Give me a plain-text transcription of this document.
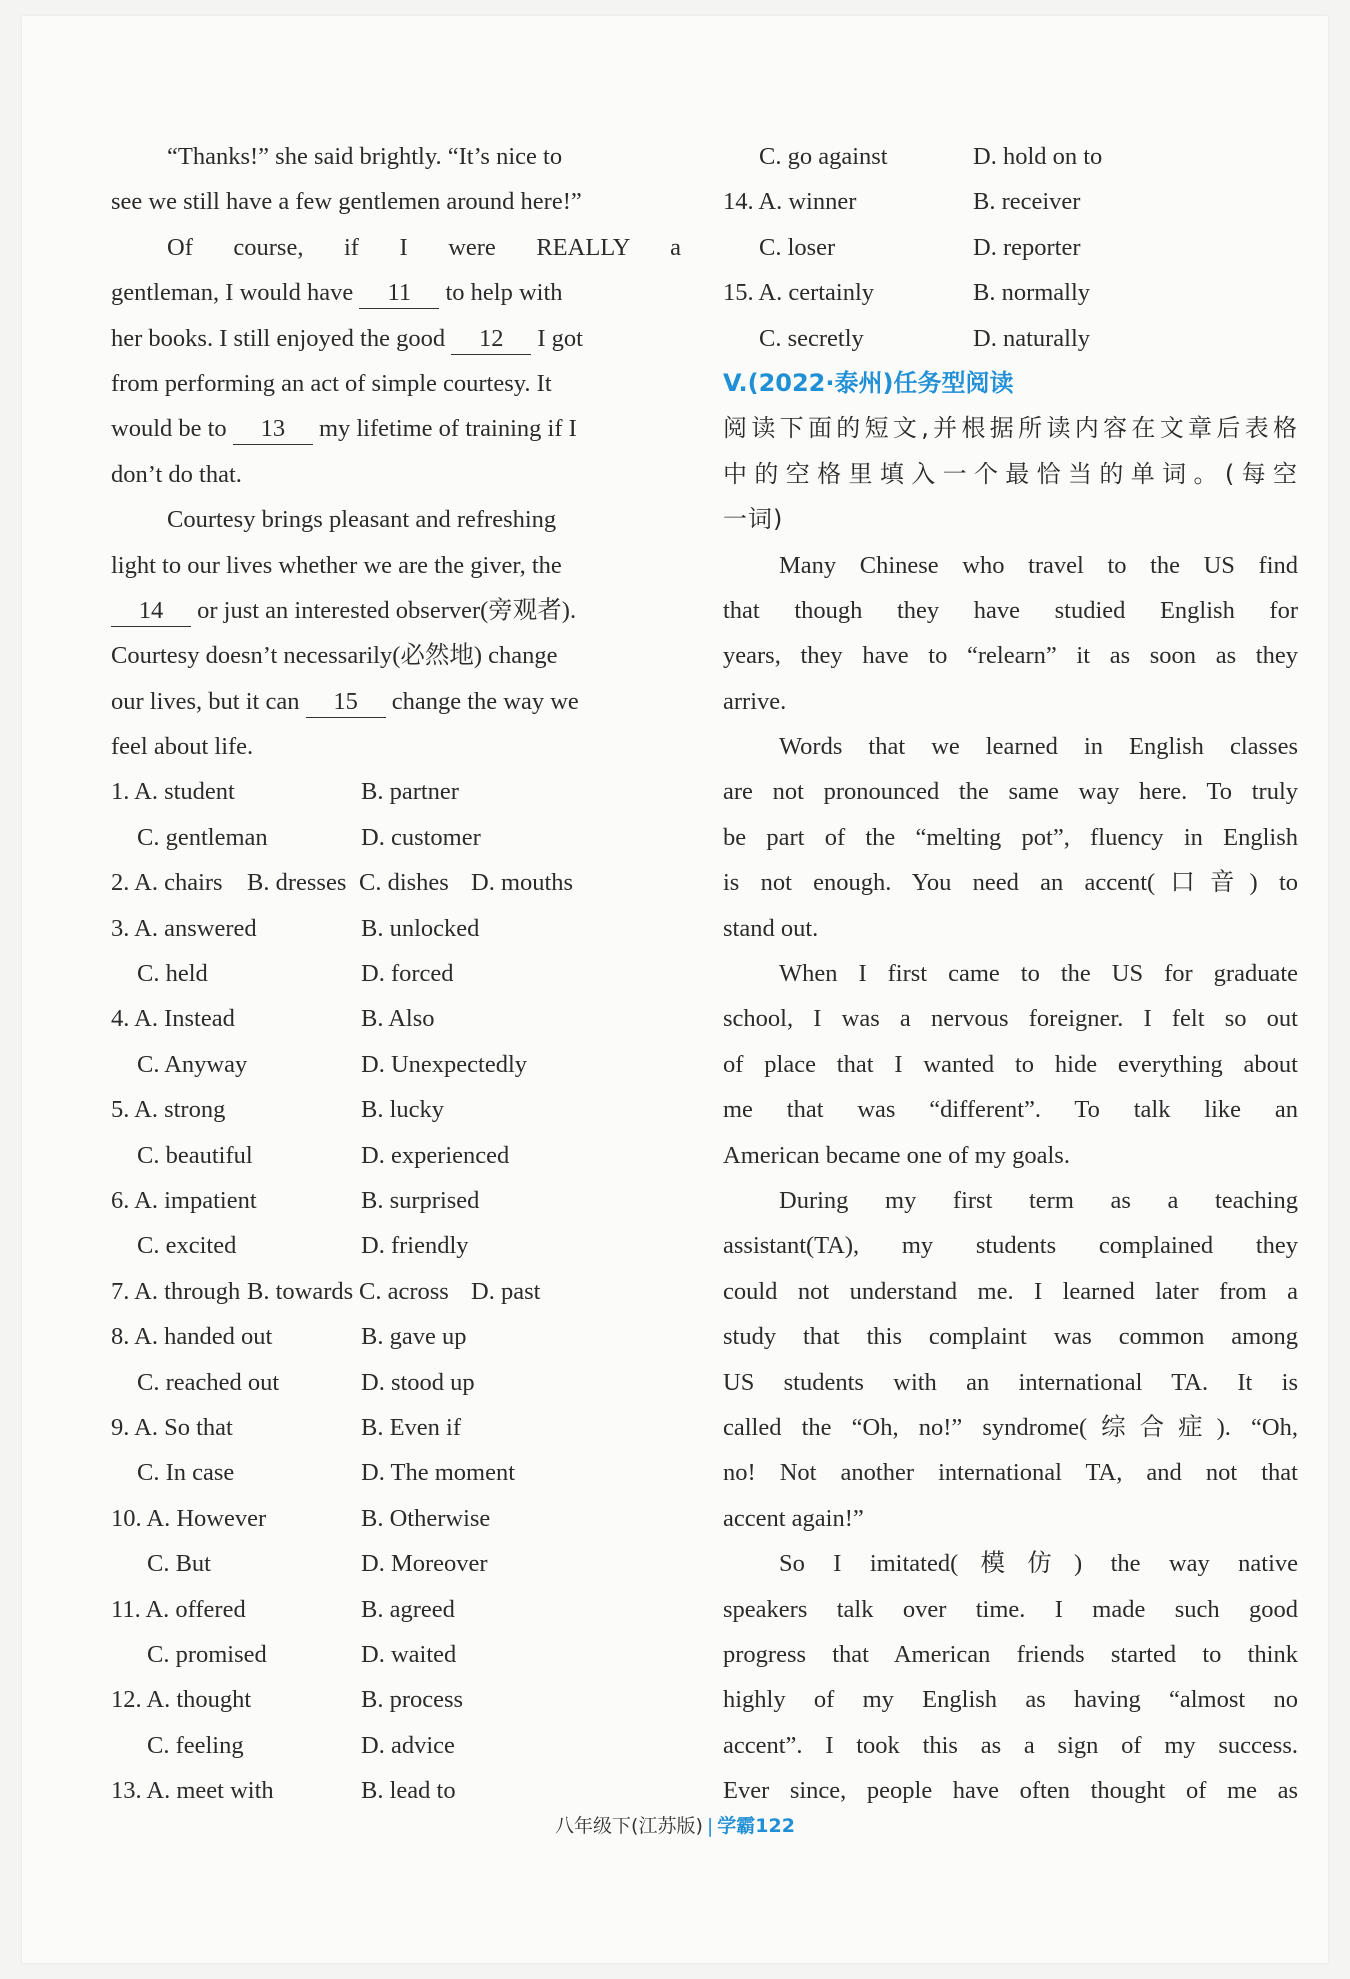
“Thanks!” she said brightly. “It’s nice to
see we still have a few gentlemen around here!”
Of course, if I were REALLY a
gentleman, I would have 11 to help with
her books. I still enjoyed the good 12 I got
from performing an act of simple courtesy. It
would be to 13 my lifetime of training if I
don’t do that.
Courtesy brings pleasant and refreshing
light to our lives whether we are the giver, the
14 or just an interested observer(旁观者).
Courtesy doesn’t necessarily(必然地) change
our lives, but it can 15 change the way we
feel about life.
1. A. student	B. partner
C. gentleman	D. customer
2. A. chairs B. dresses C. dishes D. mouths
3. A. answered	B. unlocked
C. held	D. forced
4. A. Instead	B. Also
C. Anyway	D. Unexpectedly
5. A. strong	B. lucky
C. beautiful	D. experienced
6. A. impatient	B. surprised
C. excited	D. friendly
7. A. through B. towards C. across D. past
8. A. handed out	B. gave up
C. reached out	D. stood up
9. A. So that	B. Even if
C. In case	D. The moment
10. A. However	B. Otherwise
C. But	D. Moreover
11. A. offered	B. agreed
C. promised	D. waited
12. A. thought	B. process
C. feeling	D. advice
13. A. meet with	B. lead to
C. go against	D. hold on to
14. A. winner	B. receiver
C. loser	D. reporter
15. A. certainly	B. normally
C. secretly	D. naturally
V.(2022·泰州)任务型阅读
阅读下面的短文,并根据所读内容在文章后表格
中的空格里填入一个最恰当的单词。(每空
一词)
Many Chinese who travel to the US find
that though they have studied English for
years, they have to “relearn” it as soon as they
arrive.
Words that we learned in English classes
are not pronounced the same way here. To truly
be part of the “melting pot”, fluency in English
is not enough. You need an accent(口音) to
stand out.
When I first came to the US for graduate
school, I was a nervous foreigner. I felt so out
of place that I wanted to hide everything about
me that was “different”. To talk like an
American became one of my goals.
During my first term as a teaching
assistant(TA), my students complained they
could not understand me. I learned later from a
study that this complaint was common among
US students with an international TA. It is
called the “Oh, no!” syndrome(综合症). “Oh,
no! Not another international TA, and not that
accent again!”
So I imitated(模仿) the way native
speakers talk over time. I made such good
progress that American friends started to think
highly of my English as having “almost no
accent”. I took this as a sign of my success.
Ever since, people have often thought of me as
八年级下(江苏版) | 学霸122
